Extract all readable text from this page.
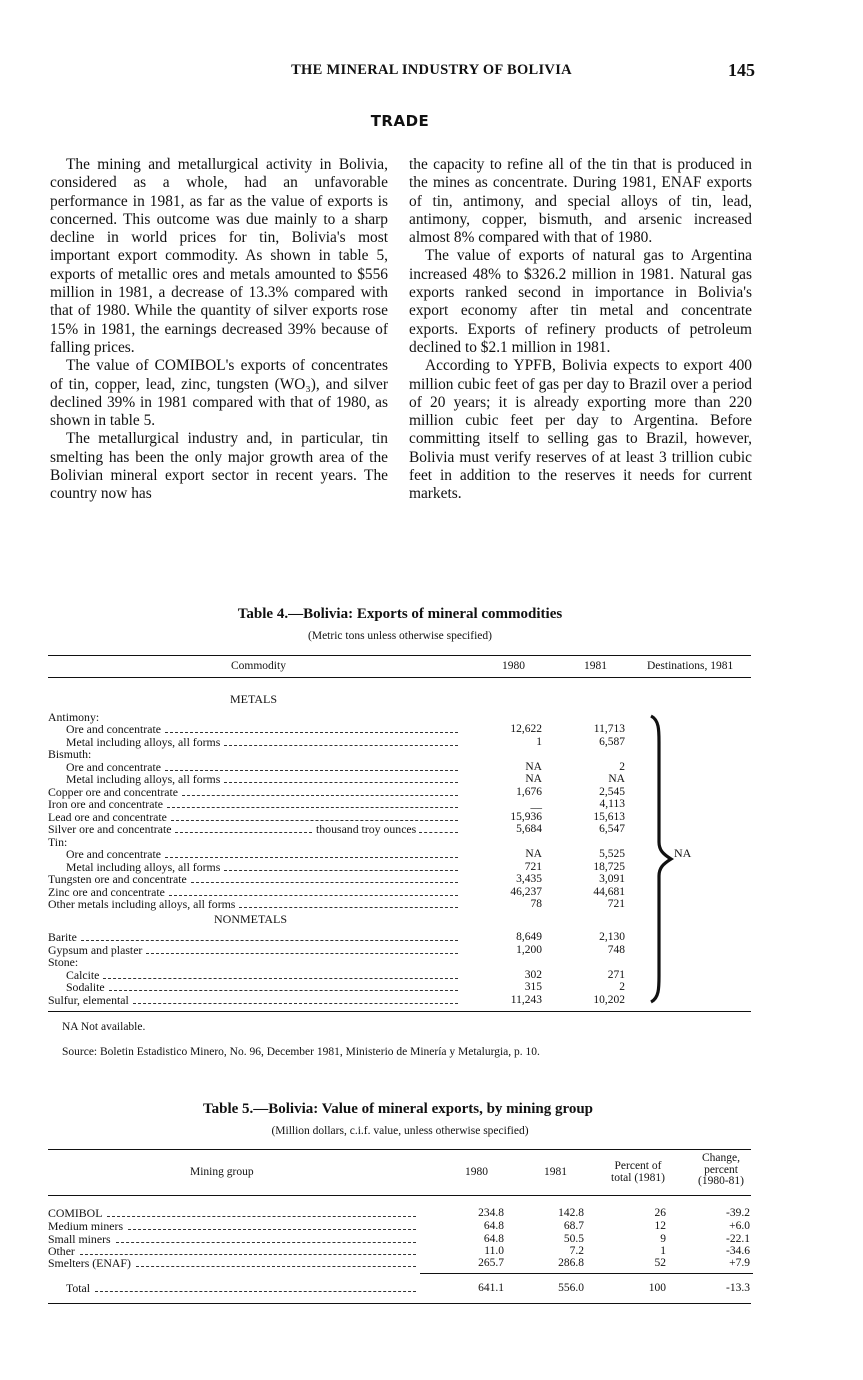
THE MINERAL INDUSTRY OF BOLIVIA	145
TRADE

The mining and metallurgical activity in Bolivia, considered as a whole, had an unfavorable performance in 1981, as far as the value of exports is concerned. This outcome was due mainly to a sharp decline in world prices for tin, Bolivia's most important export commodity. As shown in table 5, exports of metallic ores and metals amounted to $556 million in 1981, a decrease of 13.3% compared with that of 1980. While the quantity of silver exports rose 15% in 1981, the earnings decreased 39% because of falling prices.

The value of COMIBOL's exports of concentrates of tin, copper, lead, zinc, tungsten (WO₃), and silver declined 39% in 1981 compared with that of 1980, as shown in table 5.

The metallurgical industry and, in particular, tin smelting has been the only major growth area of the Bolivian mineral export sector in recent years. The country now has

the capacity to refine all of the tin that is produced in the mines as concentrate. During 1981, ENAF exports of tin, antimony, and special alloys of tin, lead, antimony, copper, bismuth, and arsenic increased almost 8% compared with that of 1980.

The value of exports of natural gas to Argentina increased 48% to $326.2 million in 1981. Natural gas exports ranked second in importance in Bolivia's export economy after tin metal and concentrate exports. Exports of refinery products of petroleum declined to $2.1 million in 1981.

According to YPFB, Bolivia expects to export 400 million cubic feet of gas per day to Brazil over a period of 20 years; it is already exporting more than 220 million cubic feet per day to Argentina. Before committing itself to selling gas to Brazil, however, Bolivia must verify reserves of at least 3 trillion cubic feet in addition to the reserves it needs for current markets.

Table 4.—Bolivia: Exports of mineral commodities
(Metric tons unless otherwise specified)
Commodity	1980	1981	Destinations, 1981
METALS
NONMETALS
Antimony:
Ore and concentrate	12,622	11,713
Metal including alloys, all forms	1	6,587
Bismuth:
Ore and concentrate	NA	2
Metal including alloys, all forms	NA	NA
Copper ore and concentrate	1,676	2,545
Iron ore and concentrate	__	4,113
Lead ore and concentrate	15,936	15,613
Silver ore and concentrate	thousand troy ounces	5,684	6,547
Tin:
Ore and concentrate	NA	5,525
Metal including alloys, all forms	721	18,725
Tungsten ore and concentrate	3,435	3,091
Zinc ore and concentrate	46,237	44,681
Other metals including alloys, all forms	78	721
Barite	8,649	2,130
Gypsum and plaster	1,200	748
Stone:
Calcite	302	271
Sodalite	315	2
Sulfur, elemental	11,243	10,202
NA
NA Not available.
Source: Boletin Estadistico Minero, No. 96, December 1981, Ministerio de Minería y Metalurgia, p. 10.
Table 5.—Bolivia: Value of mineral exports, by mining group
(Million dollars, c.i.f. value, unless otherwise specified)
Mining group	1980	1981	Percent of
total (1981)
Change,
percent
(1980-81)
COMIBOL	234.8	142.8	26	-39.2
Medium miners	64.8	68.7	12	+6.0
Small miners	64.8	50.5	9	-22.1
Other	11.0	7.2	1	-34.6
Smelters (ENAF)	265.7	286.8	52	+7.9
Total	641.1	556.0	100	-13.3
